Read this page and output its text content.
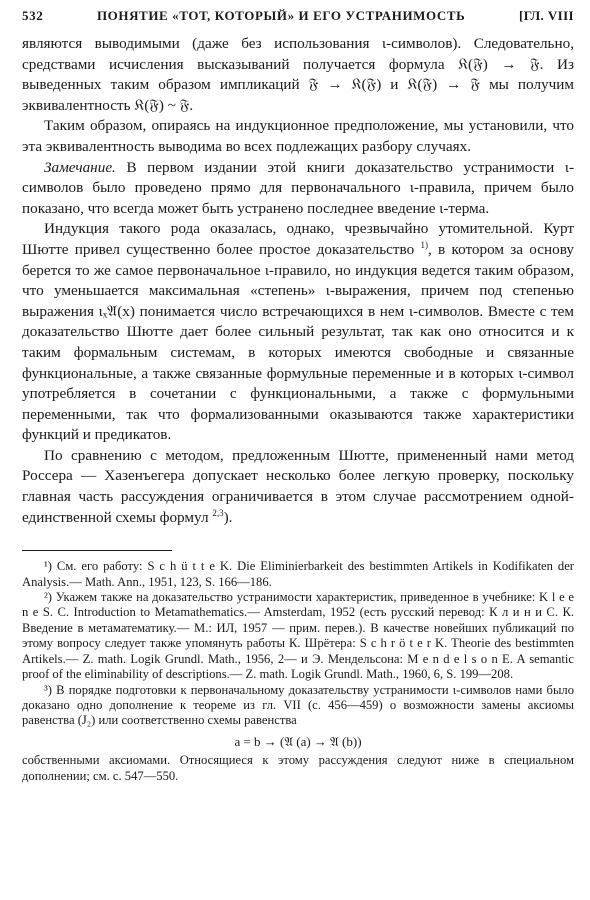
532	ПОНЯТИЕ «ТОТ, КОТОРЫЙ» И ЕГО УСТРАНИМОСТЬ	[ГЛ. VIII

являются выводимыми (даже без использования ι-символов). Следовательно, средствами исчисления высказываний получается формула 𝔎(𝔉) → 𝔉. Из выведенных таким образом импликаций 𝔉 → 𝔎(𝔉) и 𝔎(𝔉) → 𝔉 мы получим эквивалентность 𝔎(𝔉) ~ 𝔉.

Таким образом, опираясь на индукционное предположение, мы установили, что эта эквивалентность выводима во всех подлежащих разбору случаях.

Замечание. В первом издании этой книги доказательство устранимости ι-символов было проведено прямо для первоначального ι-правила, причем было показано, что всегда может быть устранено последнее введение ι-терма.

Индукция такого рода оказалась, однако, чрезвычайно утомительной. Курт Шютте привел существенно более простое доказательство $^{1)}$, в котором за основу берется то же самое первоначальное ι-правило, но индукция ведется таким образом, что уменьшается максимальная «степень» ι-выражения, причем под степенью выражения ιₓ𝔄(x) понимается число встречающихся в нем ι-символов. Вместе с тем доказательство Шютте дает более сильный результат, так как оно относится и к таким формальным системам, в которых имеются свободные и связанные функциональные, а также связанные формульные переменные и в которых ι-символ употребляется в сочетании с функциональными, а также с формульными переменными, так что формализованными оказываются также характеристики функций и предикатов.

По сравнению с методом, предложенным Шютте, примененный нами метод Россера — Хазенъегера допускает несколько более легкую проверку, поскольку главная часть рассуждения ограничивается в этом случае рассмотрением одной-единственной схемы формул $^{2,3}$).

¹) См. его работу: S c h ü t t e K. Die Eliminierbarkeit des bestimmten Artikels in Kodifikaten der Analysis.— Math. Ann., 1951, 123, S. 166—186.

²) Укажем также на доказательство устранимости характеристик, приведенное в учебнике: K l e e n e S. C. Introduction to Metamathematics.— Amsterdam, 1952 (есть русский перевод: К л и н и С. К. Введение в метаматематику.— М.: ИЛ, 1957 — прим. перев.). В качестве новейших публикаций по этому вопросу следует также упомянуть работы К. Шрётера: S c h r ö t e r K. Theorie des bestimmten Artikels.— Z. math. Logik Grundl. Math., 1956, 2— и Э. Мендельсона: M e n d e l s o n E. A semantic proof of the eliminability of descriptions.— Z. math. Logik Grundl. Math., 1960, 6, S. 199—208.

³) В порядке подготовки к первоначальному доказательству устранимости ι-символов нами было доказано одно дополнение к теореме из гл. VII (с. 456—459) о возможности замены аксиомы равенства (J₂) или соответственно схемы равенства

a = b → (𝔄 (a) → 𝔄 (b))

собственными аксиомами. Относящиеся к этому рассуждения следуют ниже в специальном дополнении; см. с. 547—550.
